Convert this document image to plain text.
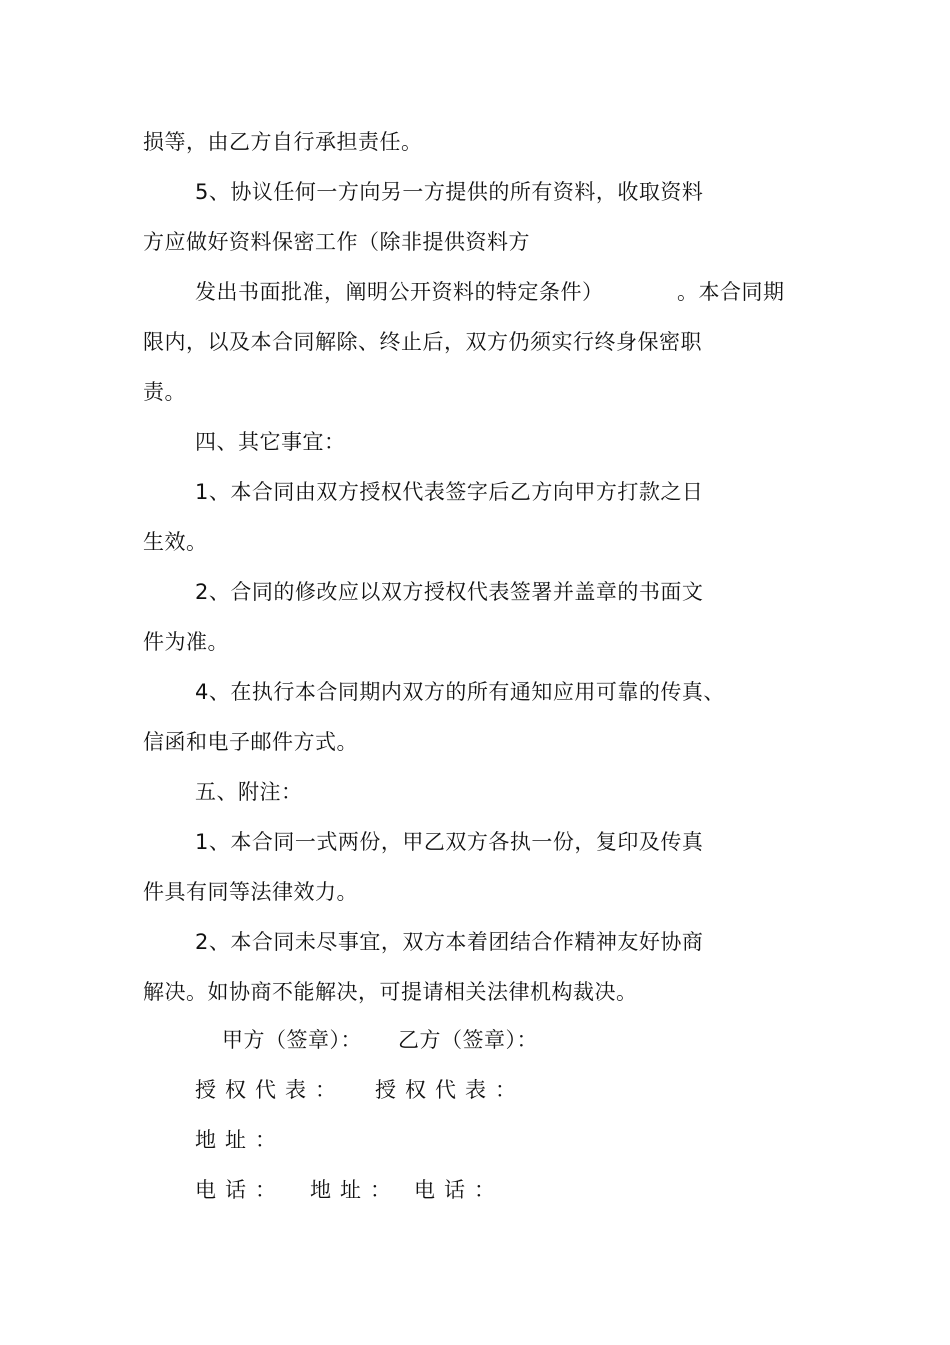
损等，由乙方自行承担责任。
5、协议任何一方向另一方提供的所有资料，收取资料
方应做好资料保密工作（除非提供资料方
发出书面批准，阐明公开资料的特定条件）	。本合同期
限内，以及本合同解除、终止后，双方仍须实行终身保密职
责。
四、其它事宜：
1、本合同由双方授权代表签字后乙方向甲方打款之日
生效。
2、合同的修改应以双方授权代表签署并盖章的书面文
件为准。
4、在执行本合同期内双方的所有通知应用可靠的传真、
信函和电子邮件方式。
五、附注：
1、本合同一式两份，甲乙双方各执一份，复印及传真
件具有同等法律效力。
2、本合同未尽事宜，双方本着团结合作精神友好协商
解决。如协商不能解决，可提请相关法律机构裁决。
甲方（签章）： 乙方（签章）：
授权代表： 授权代表：
地址：
电话： 地址： 电话：
